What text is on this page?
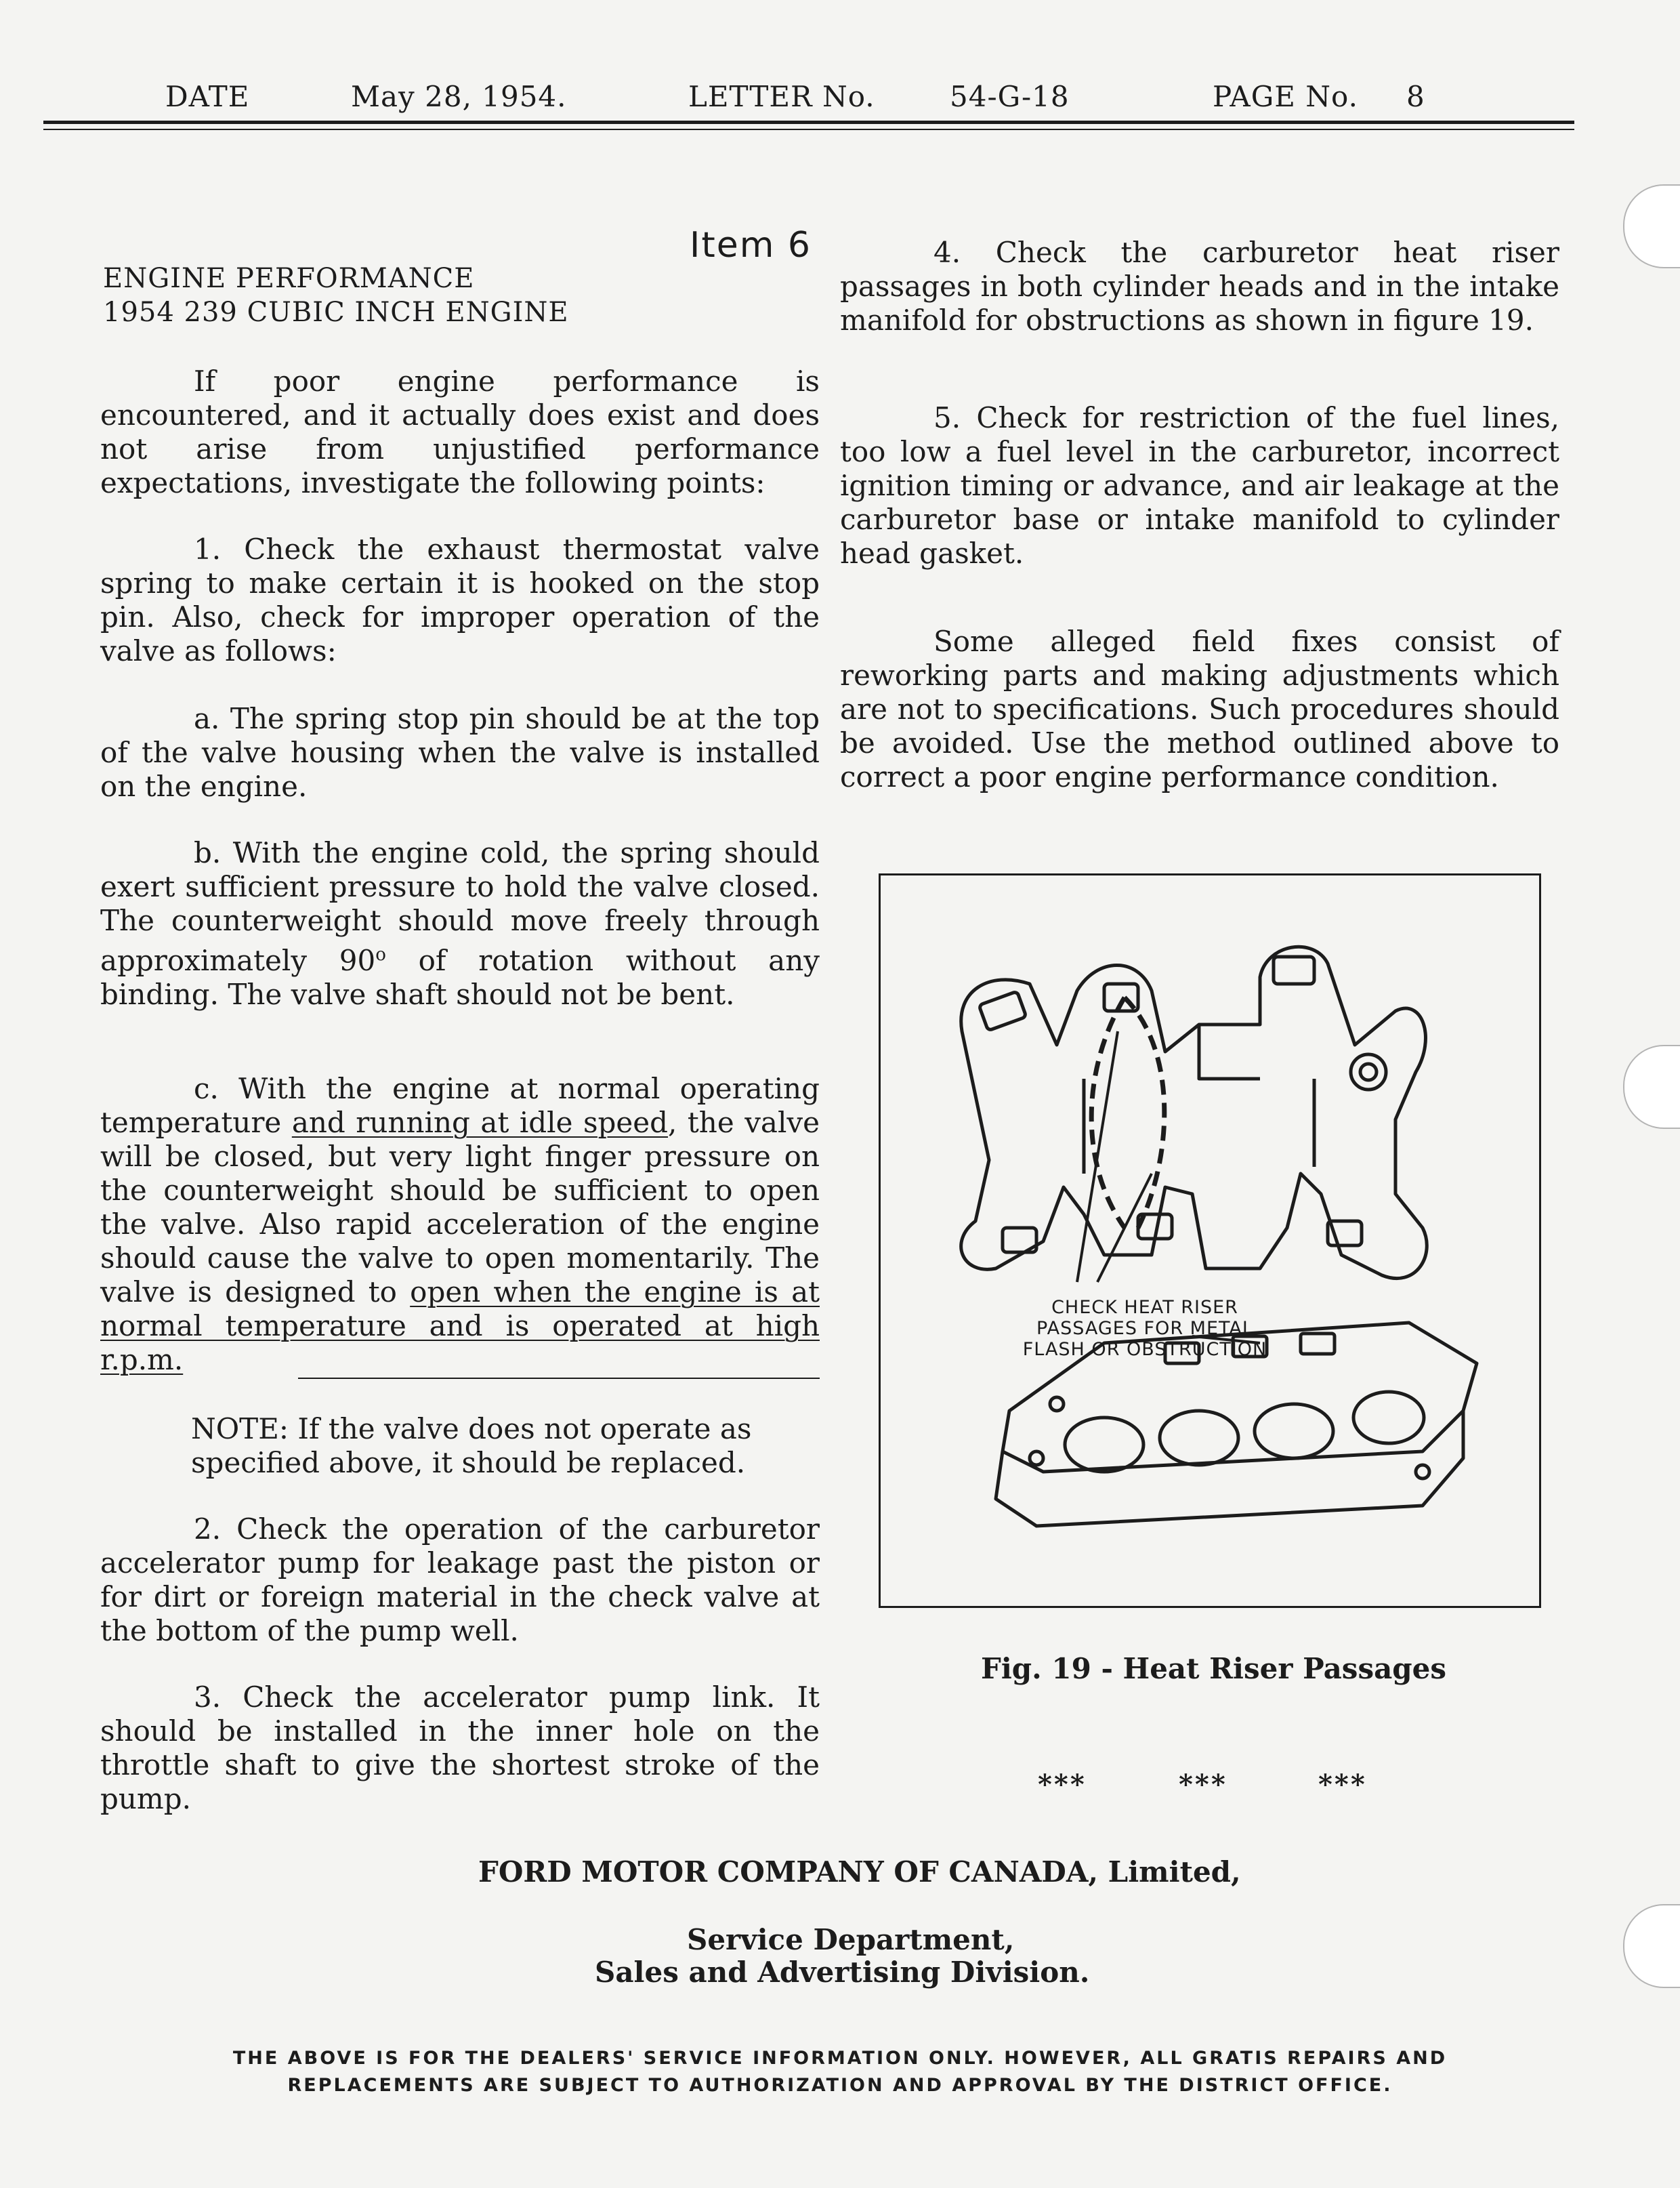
DATE	May 28, 1954.	LETTER No.	54-G-18	PAGE No. 8
Item 6
ENGINE PERFORMANCE
1954 239 CUBIC INCH ENGINE

If poor engine performance is encountered, and it actually does exist and does not arise from unjustified performance expectations, investigate the following points:

1. Check the exhaust thermostat valve spring to make certain it is hooked on the stop pin. Also, check for improper operation of the valve as follows:

a. The spring stop pin should be at the top of the valve housing when the valve is installed on the engine.

b. With the engine cold, the spring should exert sufficient pressure to hold the valve closed. The counterweight should move freely through approximately 90$^o$ of rotation without any binding. The valve shaft should not be bent.

c. With the engine at normal operating temperature and running at idle speed, the valve will be closed, but very light finger pressure on the counterweight should be sufficient to open the valve. Also rapid acceleration of the engine should cause the valve to open momentarily. The valve is designed to open when the engine is at normal temperature and is operated at high r.p.m.

NOTE: If the valve does not operate as

specified above, it should be replaced.

2. Check the operation of the carburetor accelerator pump for leakage past the piston or for dirt or foreign material in the check valve at the bottom of the pump well.

3. Check the accelerator pump link. It should be installed in the inner hole on the throttle shaft to give the shortest stroke of the pump.

4. Check the carburetor heat riser passages in both cylinder heads and in the intake manifold for obstructions as shown in figure 19.

5. Check for restriction of the fuel lines, too low a fuel level in the carburetor, incorrect ignition timing or advance, and air leakage at the carburetor base or intake manifold to cylinder head gasket.

Some alleged field fixes consist of reworking parts and making adjustments which are not to specifications. Such procedures should be avoided. Use the method outlined above to correct a poor engine performance condition.

CHECK HEAT RISER
PASSAGES FOR METAL
FLASH OR OBSTRUCTION
Fig. 19 - Heat Riser Passages
***	***	***
FORD MOTOR COMPANY OF CANADA, Limited,
Service Department,
Sales and Advertising Division.
THE ABOVE IS FOR THE DEALERS' SERVICE INFORMATION ONLY. HOWEVER, ALL GRATIS REPAIRS AND
REPLACEMENTS ARE SUBJECT TO AUTHORIZATION AND APPROVAL BY THE DISTRICT OFFICE.
